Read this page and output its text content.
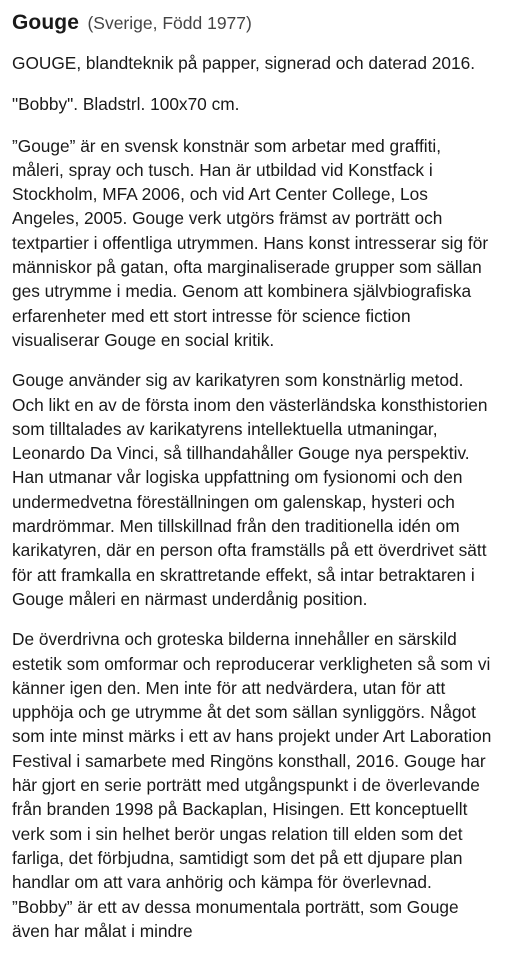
Gouge (Sverige, Född 1977)

GOUGE, blandteknik på papper, signerad och daterad 2016.

"Bobby". Bladstrl. 100x70 cm.

”Gouge” är en svensk konstnär som arbetar med graffiti, måleri, spray och tusch. Han är utbildad vid Konstfack i Stockholm, MFA 2006, och vid Art Center College, Los Angeles, 2005. Gouge verk utgörs främst av porträtt och textpartier i offentliga utrymmen. Hans konst intresserar sig för människor på gatan, ofta marginaliserade grupper som sällan ges utrymme i media. Genom att kombinera självbiografiska erfarenheter med ett stort intresse för science fiction visualiserar Gouge en social kritik.

Gouge använder sig av karikatyren som konstnärlig metod. Och likt en av de första inom den västerländska konsthistorien som tilltalades av karikatyrens intellektuella utmaningar, Leonardo Da Vinci, så tillhandahåller Gouge nya perspektiv. Han utmanar vår logiska uppfattning om fysionomi och den undermedvetna föreställningen om galenskap, hysteri och mardrömmar. Men tillskillnad från den traditionella idén om karikatyren, där en person ofta framställs på ett överdrivet sätt för att framkalla en skrattretande effekt, så intar betraktaren i Gouge måleri en närmast underdånig position.

De överdrivna och groteska bilderna innehåller en särskild estetik som omformar och reproducerar verkligheten så som vi känner igen den. Men inte för att nedvärdera, utan för att upphöja och ge utrymme åt det som sällan synliggörs. Något som inte minst märks i ett av hans projekt under Art Laboration Festival i samarbete med Ringöns konsthall, 2016. Gouge har här gjort en serie porträtt med utgångspunkt i de överlevande från branden 1998 på Backaplan, Hisingen. Ett konceptuellt verk som i sin helhet berör ungas relation till elden som det farliga, det förbjudna, samtidigt som det på ett djupare plan handlar om att vara anhörig och kämpa för överlevnad. ”Bobby” är ett av dessa monumentala porträtt, som Gouge även har målat i mindre
